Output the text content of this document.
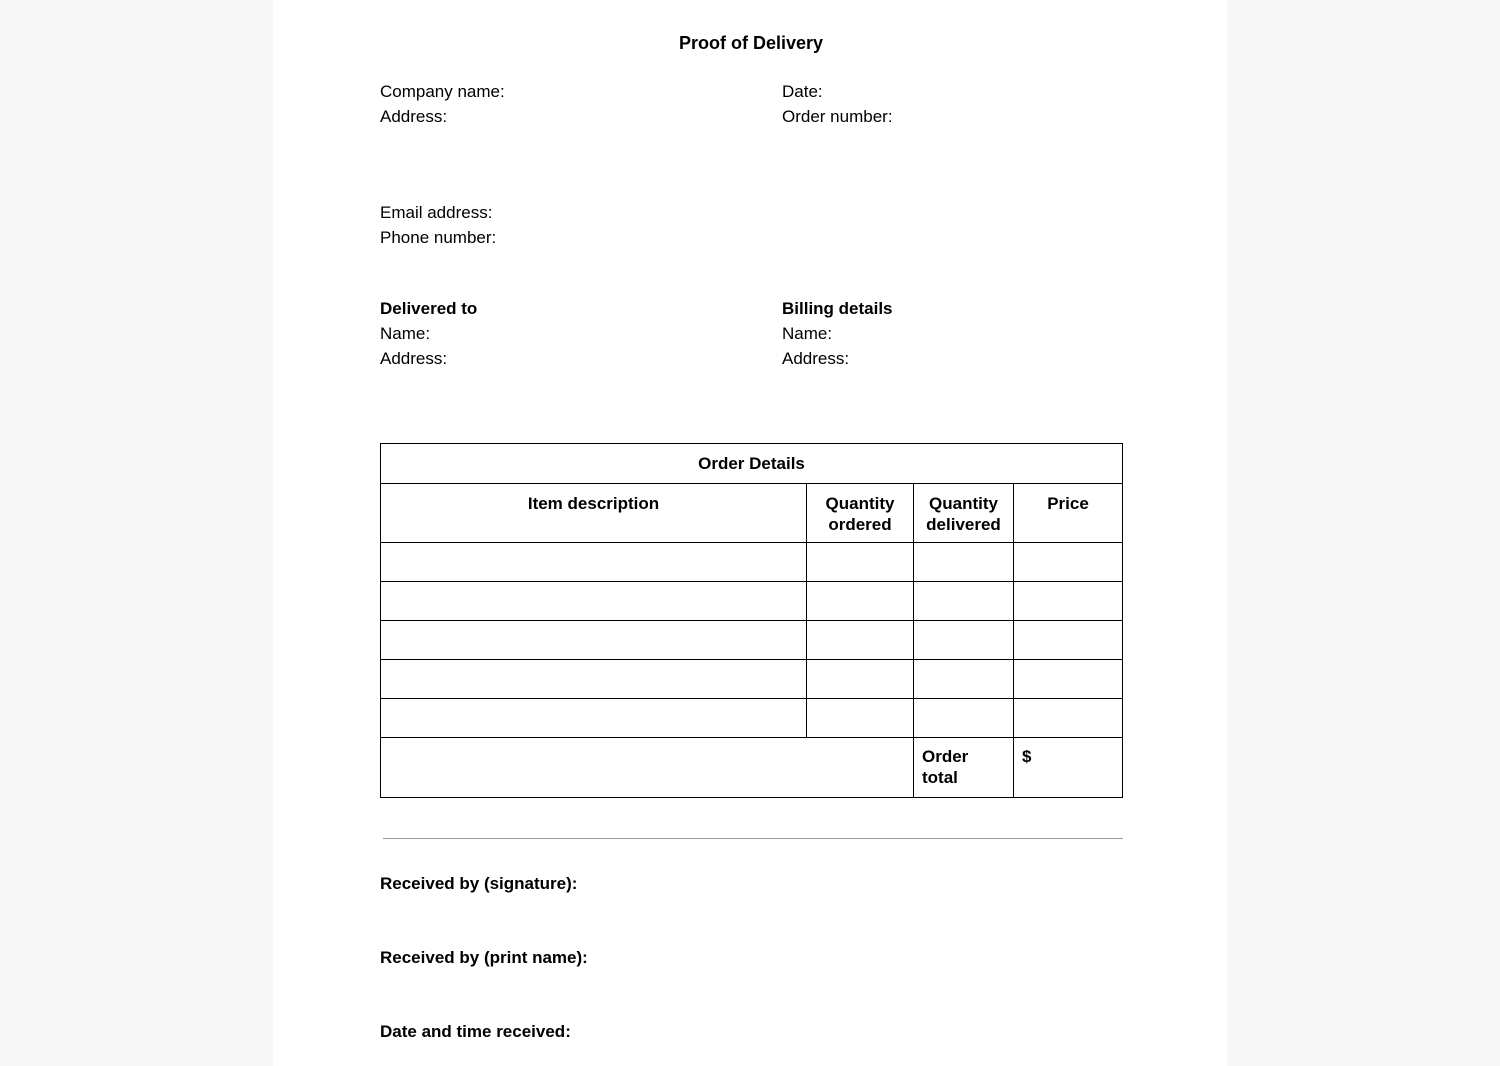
Proof of Delivery
Company name:
Address:
Date:
Order number:
Email address:
Phone number:
Delivered to
Name:
Address:
Billing details
Name:
Address:
Order Details			
Item description	Quantity ordered	Quantity delivered	Price

		Order total	$
Received by (signature):
Received by (print name):
Date and time received:
